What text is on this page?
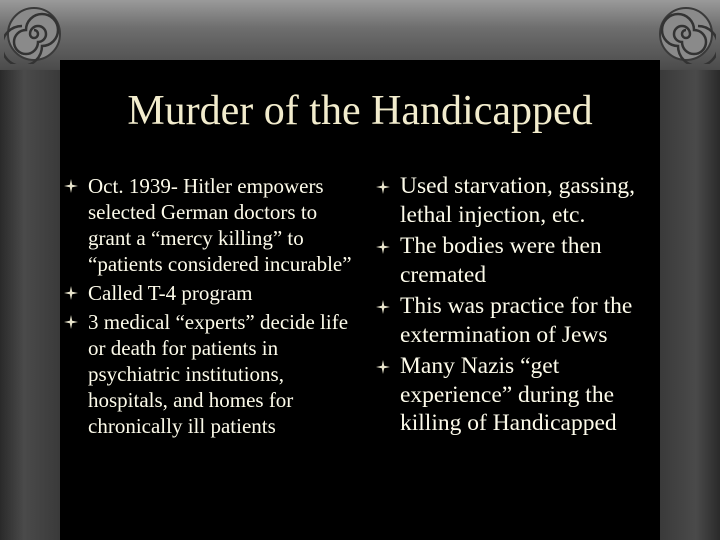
Murder of the Handicapped
Oct. 1939- Hitler empowers selected German doctors to grant a “mercy killing” to “patients considered incurable”
Called T-4 program
3 medical “experts” decide life or death for patients in psychiatric institutions, hospitals, and homes for chronically ill patients
Used starvation, gassing, lethal injection, etc.
The bodies were then cremated
This was practice for the extermination of Jews
Many Nazis “get experience” during the killing of Handicapped
